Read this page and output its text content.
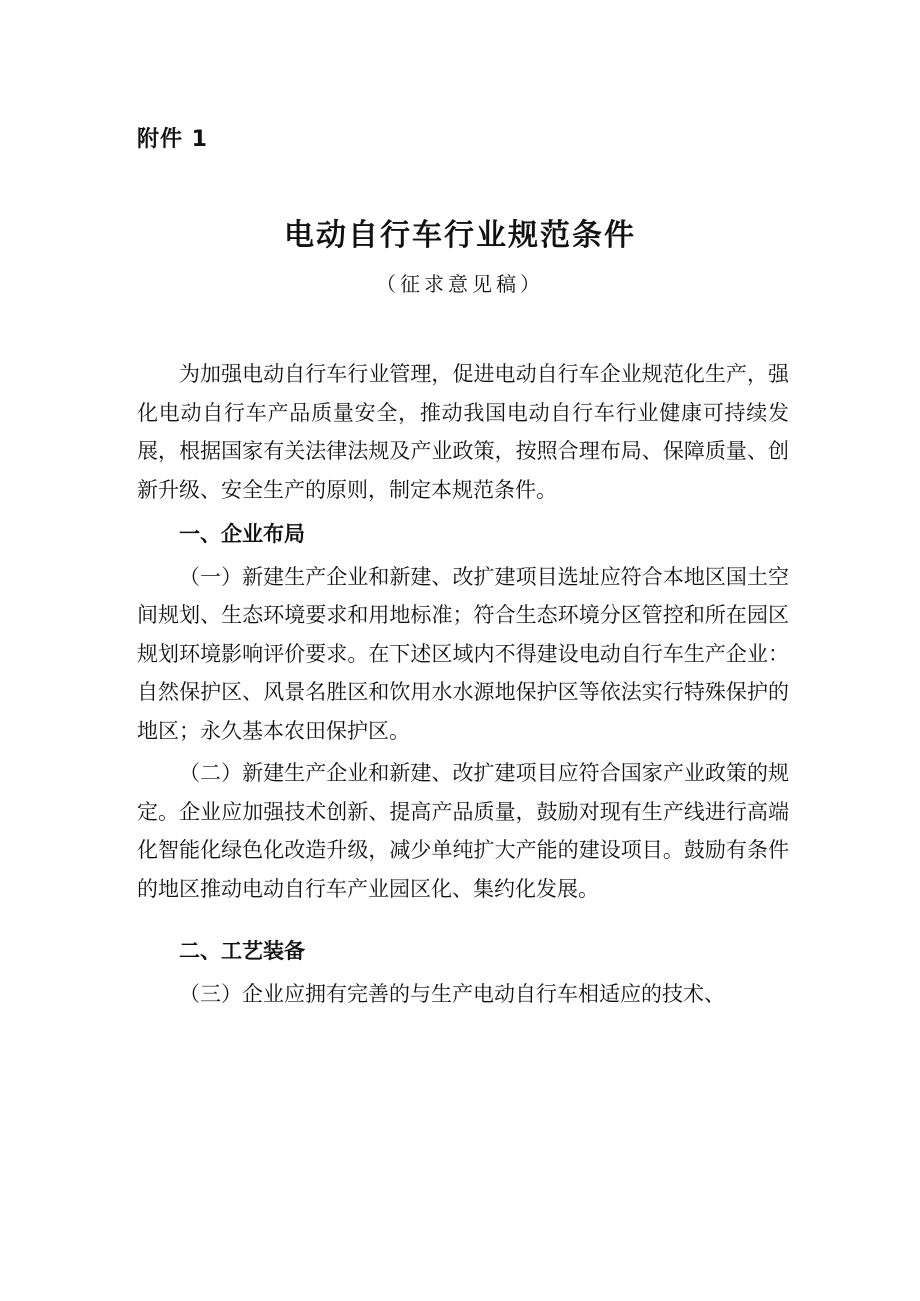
附件 1
电动自行车行业规范条件
（征求意见稿）

为加强电动自行车行业管理，促进电动自行车企业规范化生产，强化电动自行车产品质量安全，推动我国电动自行车行业健康可持续发展，根据国家有关法律法规及产业政策，按照合理布局、保障质量、创新升级、安全生产的原则，制定本规范条件。

一、企业布局

（一）新建生产企业和新建、改扩建项目选址应符合本地区国土空间规划、生态环境要求和用地标准；符合生态环境分区管控和所在园区规划环境影响评价要求。在下述区域内不得建设电动自行车生产企业：自然保护区、风景名胜区和饮用水水源地保护区等依法实行特殊保护的地区；永久基本农田保护区。

（二）新建生产企业和新建、改扩建项目应符合国家产业政策的规定。企业应加强技术创新、提高产品质量，鼓励对现有生产线进行高端化智能化绿色化改造升级，减少单纯扩大产能的建设项目。鼓励有条件的地区推动电动自行车产业园区化、集约化发展。

二、工艺装备

（三）企业应拥有完善的与生产电动自行车相适应的技术、
